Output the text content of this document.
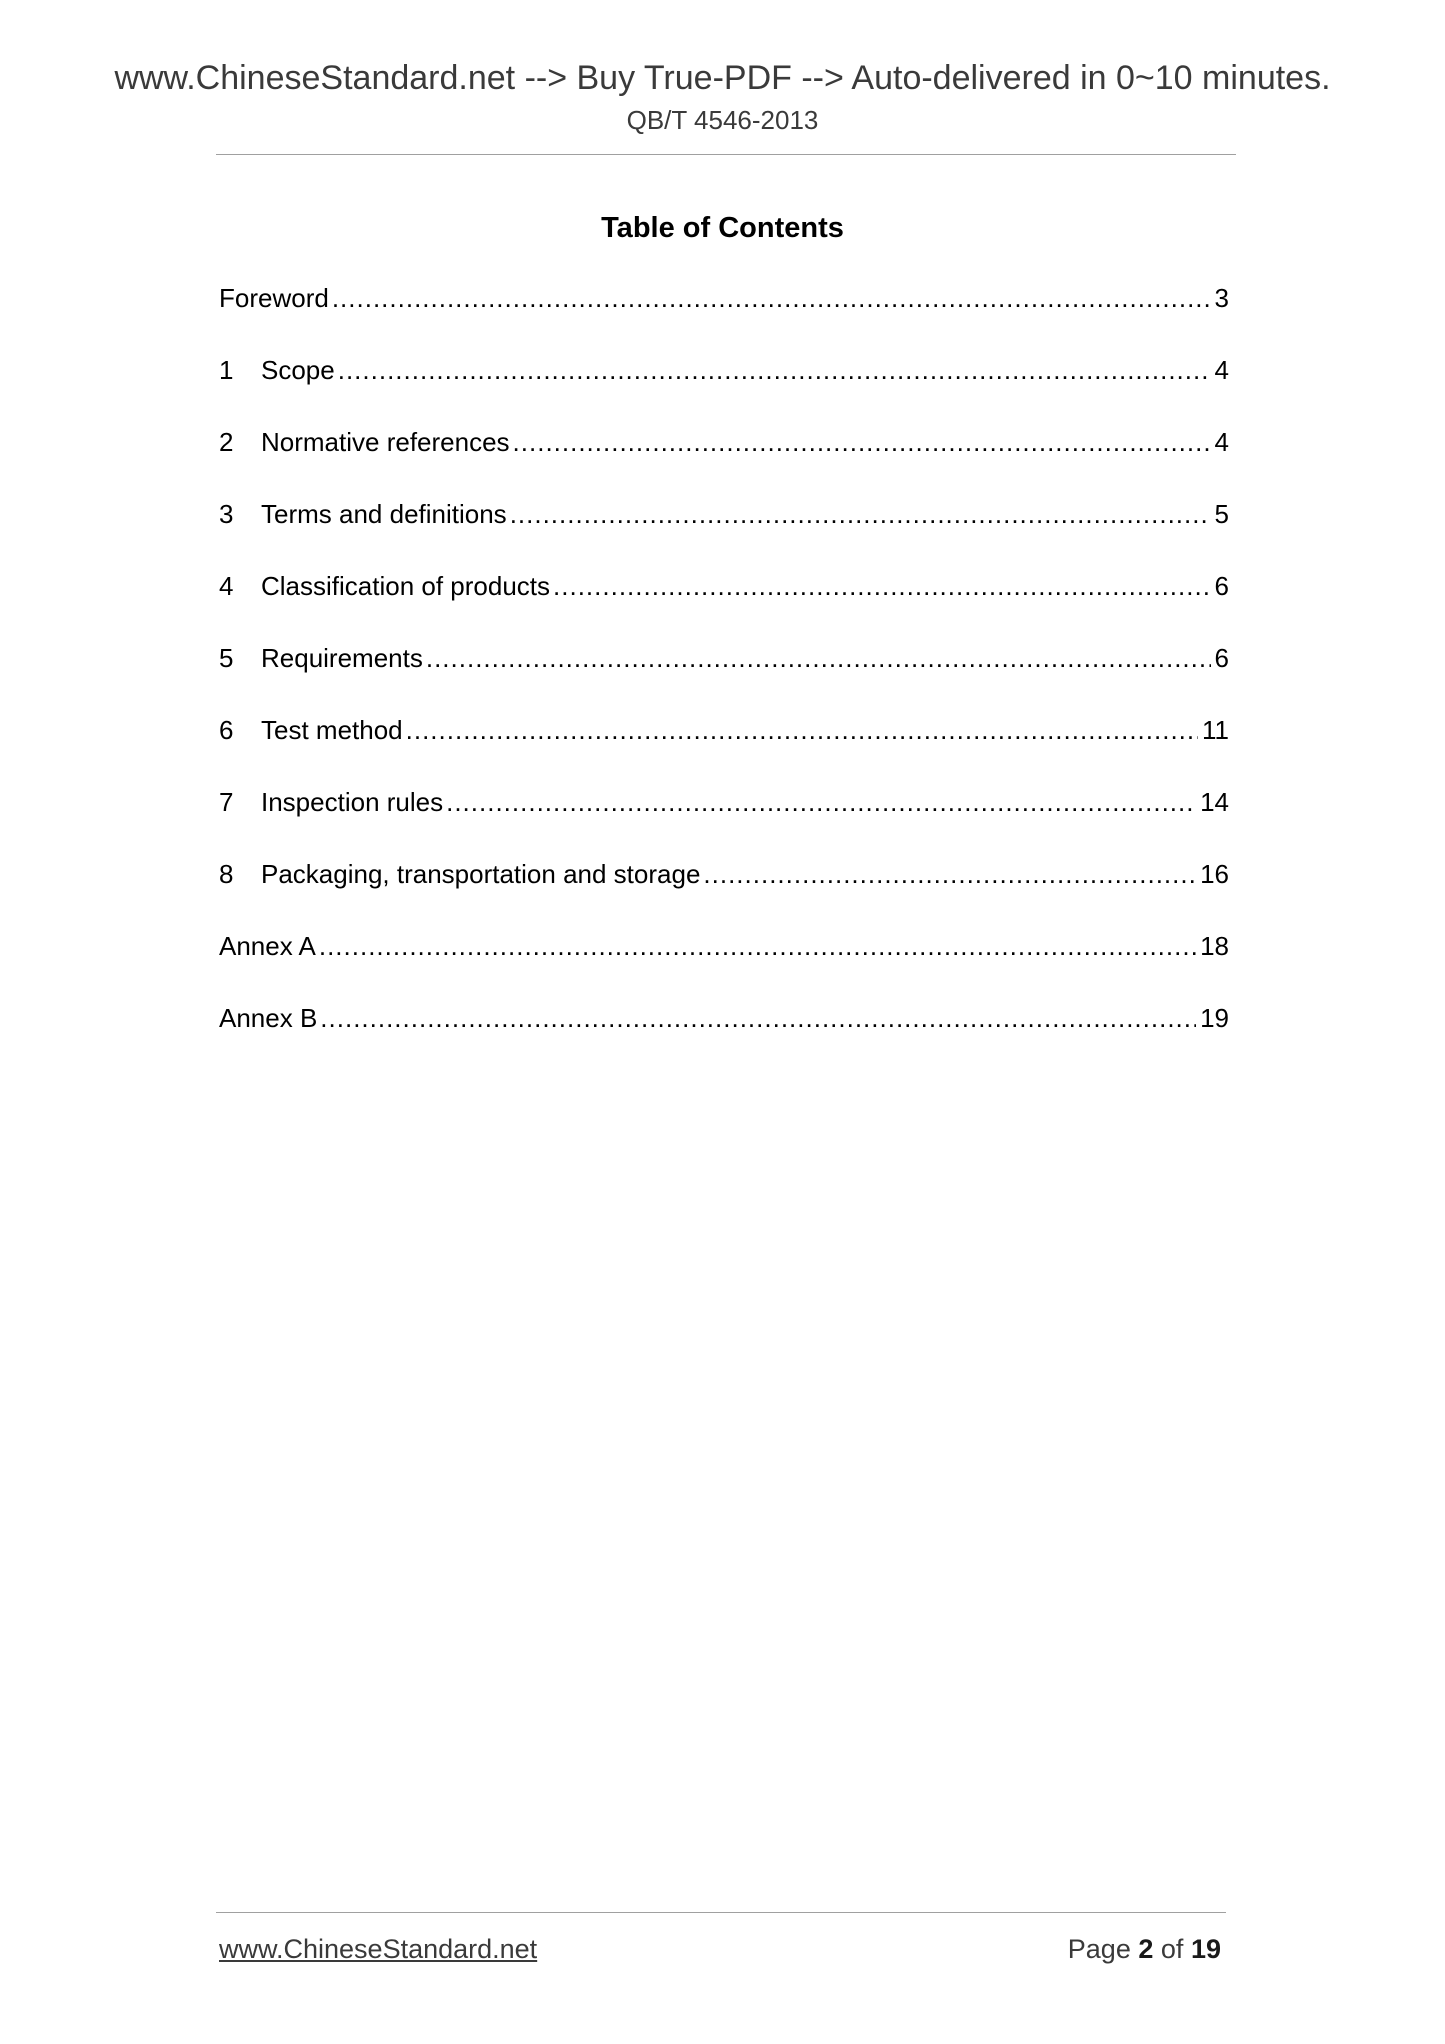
www.ChineseStandard.net --> Buy True-PDF --> Auto-delivered in 0~10 minutes.
QB/T 4546-2013
Table of Contents
Foreword .....	3
1	Scope .....	4
2	Normative references .....	4
3	Terms and definitions .....	5
4	Classification of products .....	6
5	Requirements .....	6
6	Test method .....	11
7	Inspection rules .....	14
8	Packaging, transportation and storage .....	16
Annex A .....	18
Annex B .....	19
www.ChineseStandard.net	Page 2 of 19
